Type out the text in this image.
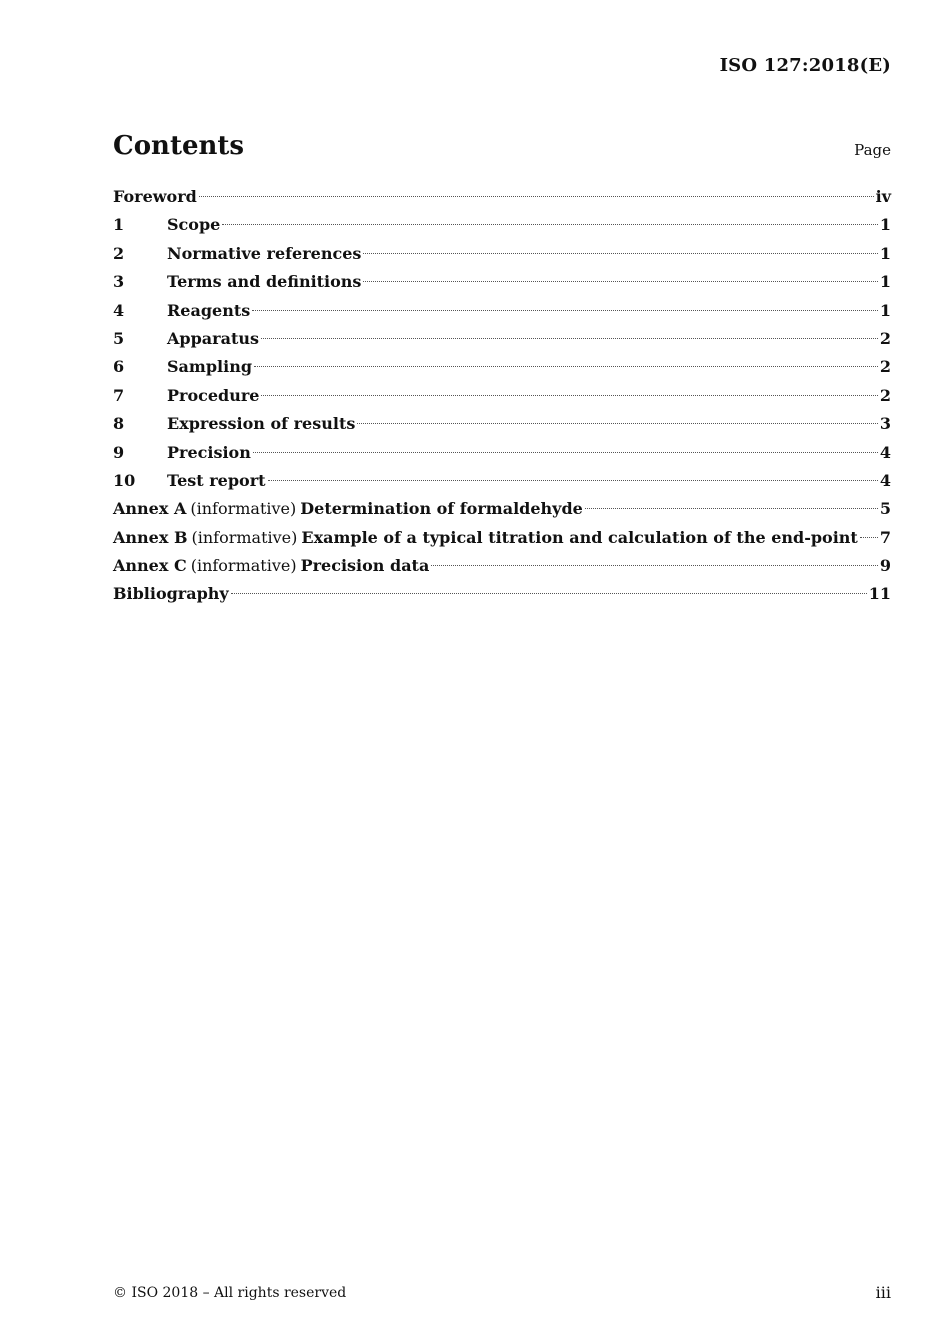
ISO 127:2018(E)
Contents	Page
Foreword	iv
1	Scope	1
2	Normative references	1
3	Terms and definitions	1
4	Reagents	1
5	Apparatus	2
6	Sampling	2
7	Procedure	2
8	Expression of results	3
9	Precision	4
10	Test report	4
Annex A (informative) Determination of formaldehyde	5
Annex B (informative) Example of a typical titration and calculation of the end-point 7
Annex C (informative) Precision data	9
Bibliography	11
© ISO 2018 – All rights reserved	iii
